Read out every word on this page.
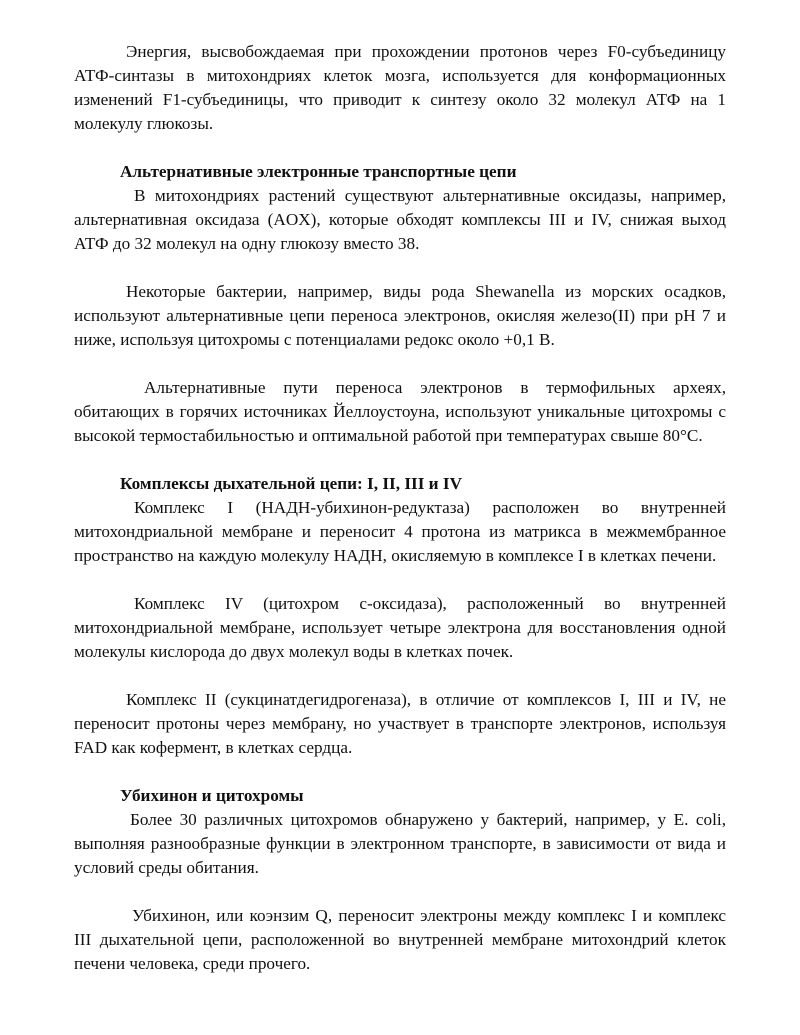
Энергия, высвобождаемая при прохождении протонов через F0-субъединицу АТФ-синтазы в митохондриях клеток мозга, используется для конформационных изменений F1-субъединицы, что приводит к синтезу около 32 молекул АТФ на 1 молекулу глюкозы.

Альтернативные электронные транспортные цепи

В митохондриях растений существуют альтернативные оксидазы, например, альтернативная оксидаза (AOX), которые обходят комплексы III и IV, снижая выход АТФ до 32 молекул на одну глюкозу вместо 38.

Некоторые бактерии, например, виды рода Shewanella из морских осадков, используют альтернативные цепи переноса электронов, окисляя железо(II) при pH 7 и ниже, используя цитохромы с потенциалами редокс около +0,1 В.

Альтернативные пути переноса электронов в термофильных археях, обитающих в горячих источниках Йеллоустоуна, используют уникальные цитохромы с высокой термостабильностью и оптимальной работой при температурах свыше 80°C.

Комплексы дыхательной цепи: I, II, III и IV

Комплекс I (НАДН-убихинон-редуктаза) расположен во внутренней митохондриальной мембране и переносит 4 протона из матрикса в межмембранное пространство на каждую молекулу НАДН, окисляемую в комплексе I в клетках печени.

Комплекс IV (цитохром c-оксидаза), расположенный во внутренней митохондриальной мембране, использует четыре электрона для восстановления одной молекулы кислорода до двух молекул воды в клетках почек.

Комплекс II (сукцинатдегидрогеназа), в отличие от комплексов I, III и IV, не переносит протоны через мембрану, но участвует в транспорте электронов, используя FAD как кофермент, в клетках сердца.

Убихинон и цитохромы

Более 30 различных цитохромов обнаружено у бактерий, например, у E. coli, выполняя разнообразные функции в электронном транспорте, в зависимости от вида и условий среды обитания.

Убихинон, или коэнзим Q, переносит электроны между комплекс I и комплекс III дыхательной цепи, расположенной во внутренней мембране митохондрий клеток печени человека, среди прочего.
